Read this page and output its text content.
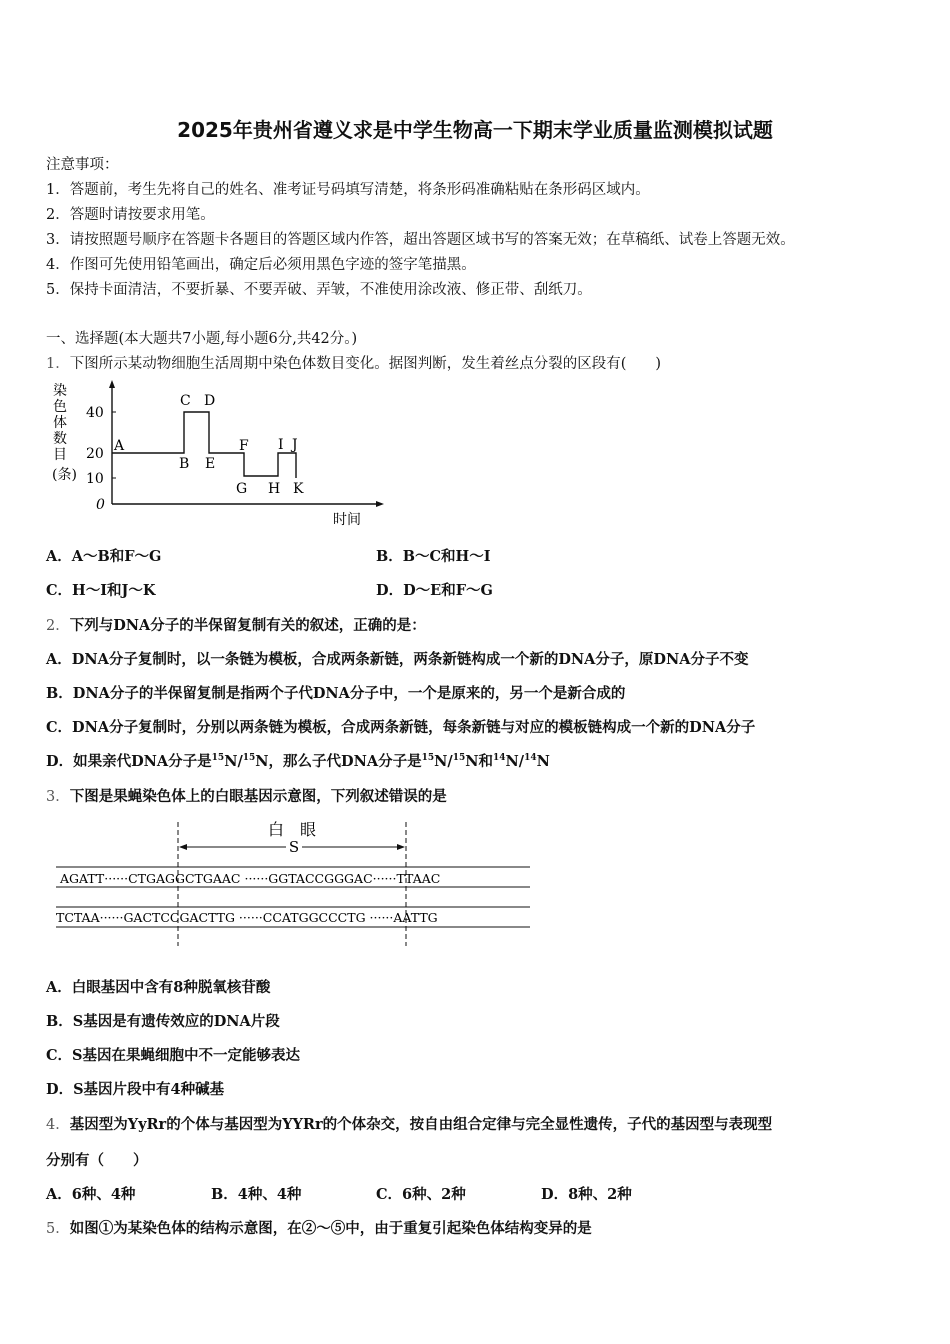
2025年贵州省遵义求是中学生物高一下期末学业质量监测模拟试题
注意事项：
1．答题前，考生先将自己的姓名、准考证号码填写清楚，将条形码准确粘贴在条形码区域内。
2．答题时请按要求用笔。
3．请按照题号顺序在答题卡各题目的答题区域内作答，超出答题区域书写的答案无效；在草稿纸、试卷上答题无效。
4．作图可先使用铅笔画出，确定后必须用黑色字迹的签字笔描黑。
5．保持卡面清洁，不要折暴、不要弄破、弄皱，不准使用涂改液、修正带、刮纸刀。
一、选择题(本大题共7小题,每小题6分,共42分。)
1．下图所示某动物细胞生活周期中染色体数目变化。据图判断，发生着丝点分裂的区段有(　　)
染
色
体
数
目
(条)
40
20
10
0
时间
A
B
C D
E
F
G H
I J
K
A．A～B和F～G	B．B～C和H～I
C．H～I和J～K	D．D～E和F～G
2．下列与DNA分子的半保留复制有关的叙述，正确的是：
A．DNA分子复制时，以一条链为模板，合成两条新链，两条新链构成一个新的DNA分子，原DNA分子不变
B．DNA分子的半保留复制是指两个子代DNA分子中，一个是原来的，另一个是新合成的
C．DNA分子复制时，分别以两条链为模板，合成两条新链，每条新链与对应的模板链构成一个新的DNA分子
D．如果亲代DNA分子是$^{15}$N/$^{15}$N，那么子代DNA分子是$^{15}$N/$^{15}$N和$^{14}$N/$^{14}$N
3．下图是果蝇染色体上的白眼基因示意图，下列叙述错误的是
白　眼
S
AGATT······CTGAGGCTGAAC ······GGTACCGGGAC······TTAAC
TCTAA······GACTCCGACTTG ······CCATGGCCCTG ······AATTG
A．白眼基因中含有8种脱氧核苷酸
B．S基因是有遗传效应的DNA片段
C．S基因在果蝇细胞中不一定能够表达
D．S基因片段中有4种碱基
4．基因型为YyRr的个体与基因型为YYRr的个体杂交，按自由组合定律与完全显性遗传，子代的基因型与表现型
分别有（　　）
A．6种、4种	B．4种、4种	C．6种、2种	D．8种、2种
5．如图①为某染色体的结构示意图，在②～⑤中，由于重复引起染色体结构变异的是
